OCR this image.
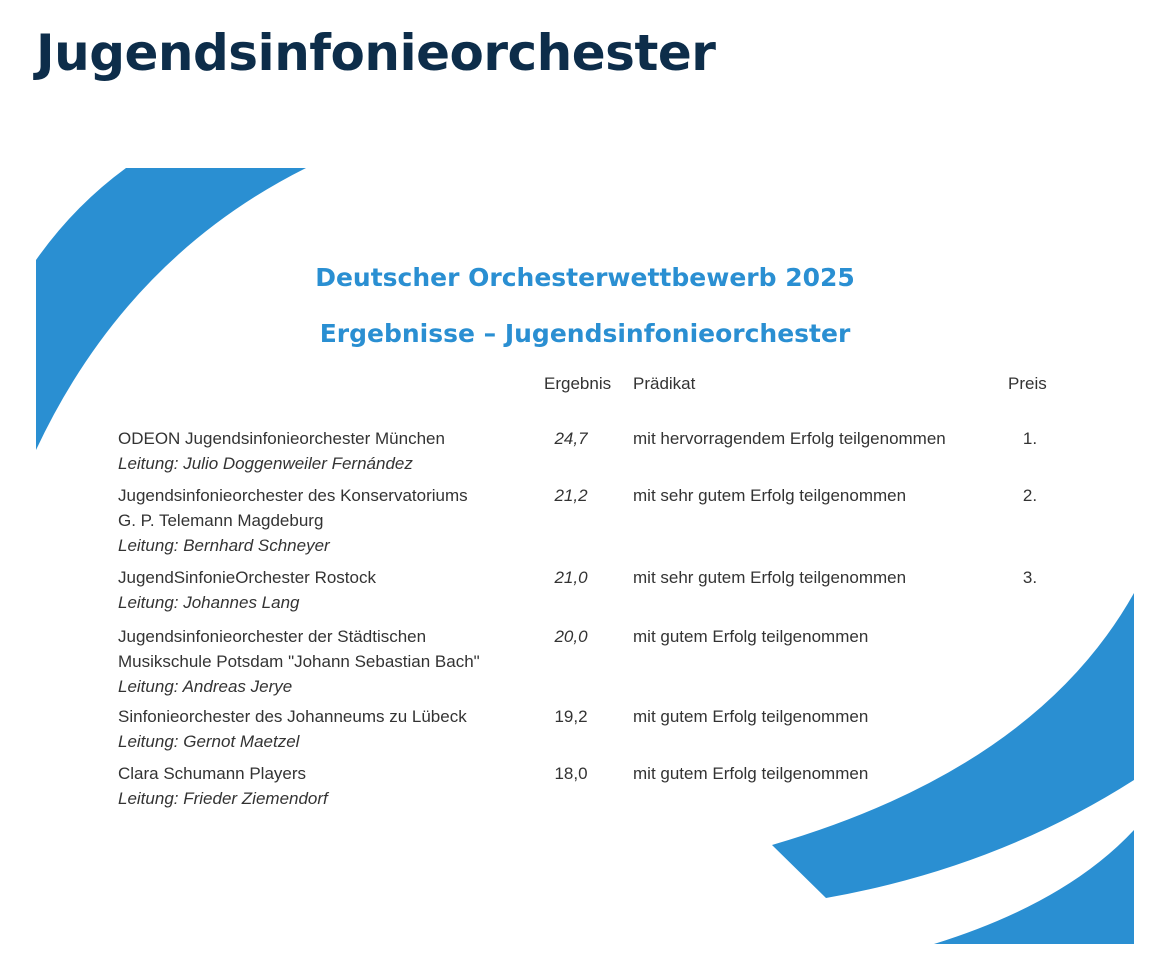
Jugendsinfonieorchester
Deutscher Orchesterwettbewerb 2025
Ergebnisse – Jugendsinfonieorchester
Ergebnis Prädikat	Preis
ODEON Jugendsinfonieorchester München
Leitung: Julio Doggenweiler Fernández
24,7	mit hervorragendem Erfolg teilgenommen	1.
Jugendsinfonieorchester des Konservatoriums
G. P. Telemann Magdeburg
Leitung: Bernhard Schneyer
21,2	mit sehr gutem Erfolg teilgenommen	2.
JugendSinfonieOrchester Rostock
Leitung: Johannes Lang
21,0	mit sehr gutem Erfolg teilgenommen	3.
Jugendsinfonieorchester der Städtischen
Musikschule Potsdam "Johann Sebastian Bach"
Leitung: Andreas Jerye
20,0	mit gutem Erfolg teilgenommen
Sinfonieorchester des Johanneums zu Lübeck
Leitung: Gernot Maetzel
19,2	mit gutem Erfolg teilgenommen
Clara Schumann Players
Leitung: Frieder Ziemendorf
18,0	mit gutem Erfolg teilgenommen
